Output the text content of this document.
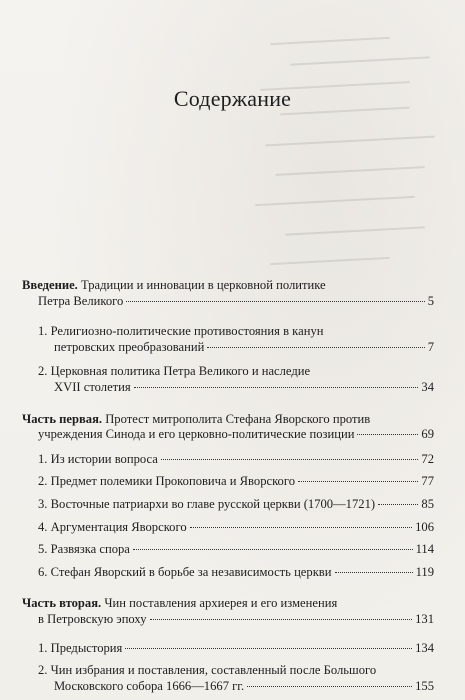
Содержание
Введение. Традиции и инновации в церковной политике
Петра Великого	5
1. Религиозно-политические противостояния в канун
петровских преобразований	7
2. Церковная политика Петра Великого и наследие
XVII столетия	34
Часть первая. Протест митрополита Стефана Яворского против
учреждения Синода и его церковно-политические позиции	69
1. Из истории вопроса	72
2. Предмет полемики Прокоповича и Яворского	77
3. Восточные патриархи во главе русской церкви (1700—1721)	85
4. Аргументация Яворского	106
5. Развязка спора	114
6. Стефан Яворский в борьбе за независимость церкви	119
Часть вторая. Чин поставления архиерея и его изменения
в Петровскую эпоху	131
1. Предыстория	134
2. Чин избрания и поставления, составленный после Большого
Московского собора 1666—1667 гг.	155
